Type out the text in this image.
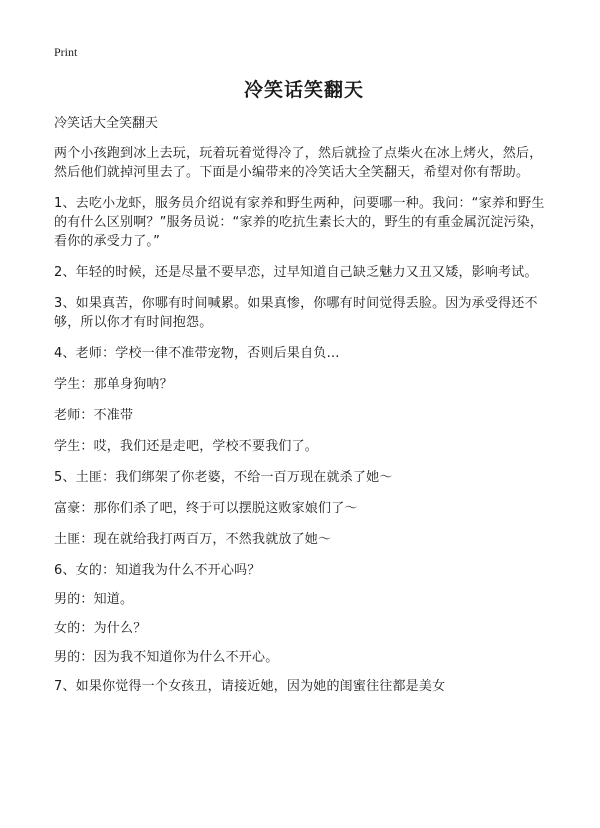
Print
冷笑话笑翻天
冷笑话大全笑翻天

两个小孩跑到冰上去玩，玩着玩着觉得冷了，然后就捡了点柴火在冰上烤火，然后，然后他们就掉河里去了。下面是小编带来的冷笑话大全笑翻天，希望对你有帮助。

1、去吃小龙虾，服务员介绍说有家养和野生两种，问要哪一种。我问：“家养和野生的有什么区别啊？”服务员说：“家养的吃抗生素长大的，野生的有重金属沉淀污染，看你的承受力了。”

2、年轻的时候，还是尽量不要早恋，过早知道自己缺乏魅力又丑又矮，影响考试。

3、如果真苦，你哪有时间喊累。如果真惨，你哪有时间觉得丢脸。因为承受得还不够，所以你才有时间抱怨。

4、老师：学校一律不准带宠物，否则后果自负…

学生：那单身狗呐？

老师：不准带

学生：哎，我们还是走吧，学校不要我们了。

5、土匪：我们绑架了你老婆，不给一百万现在就杀了她～

富豪：那你们杀了吧，终于可以摆脱这败家娘们了～

土匪：现在就给我打两百万，不然我就放了她～

6、女的：知道我为什么不开心吗？

男的：知道。

女的：为什么？

男的：因为我不知道你为什么不开心。

7、如果你觉得一个女孩丑，请接近她，因为她的闺蜜往往都是美女
